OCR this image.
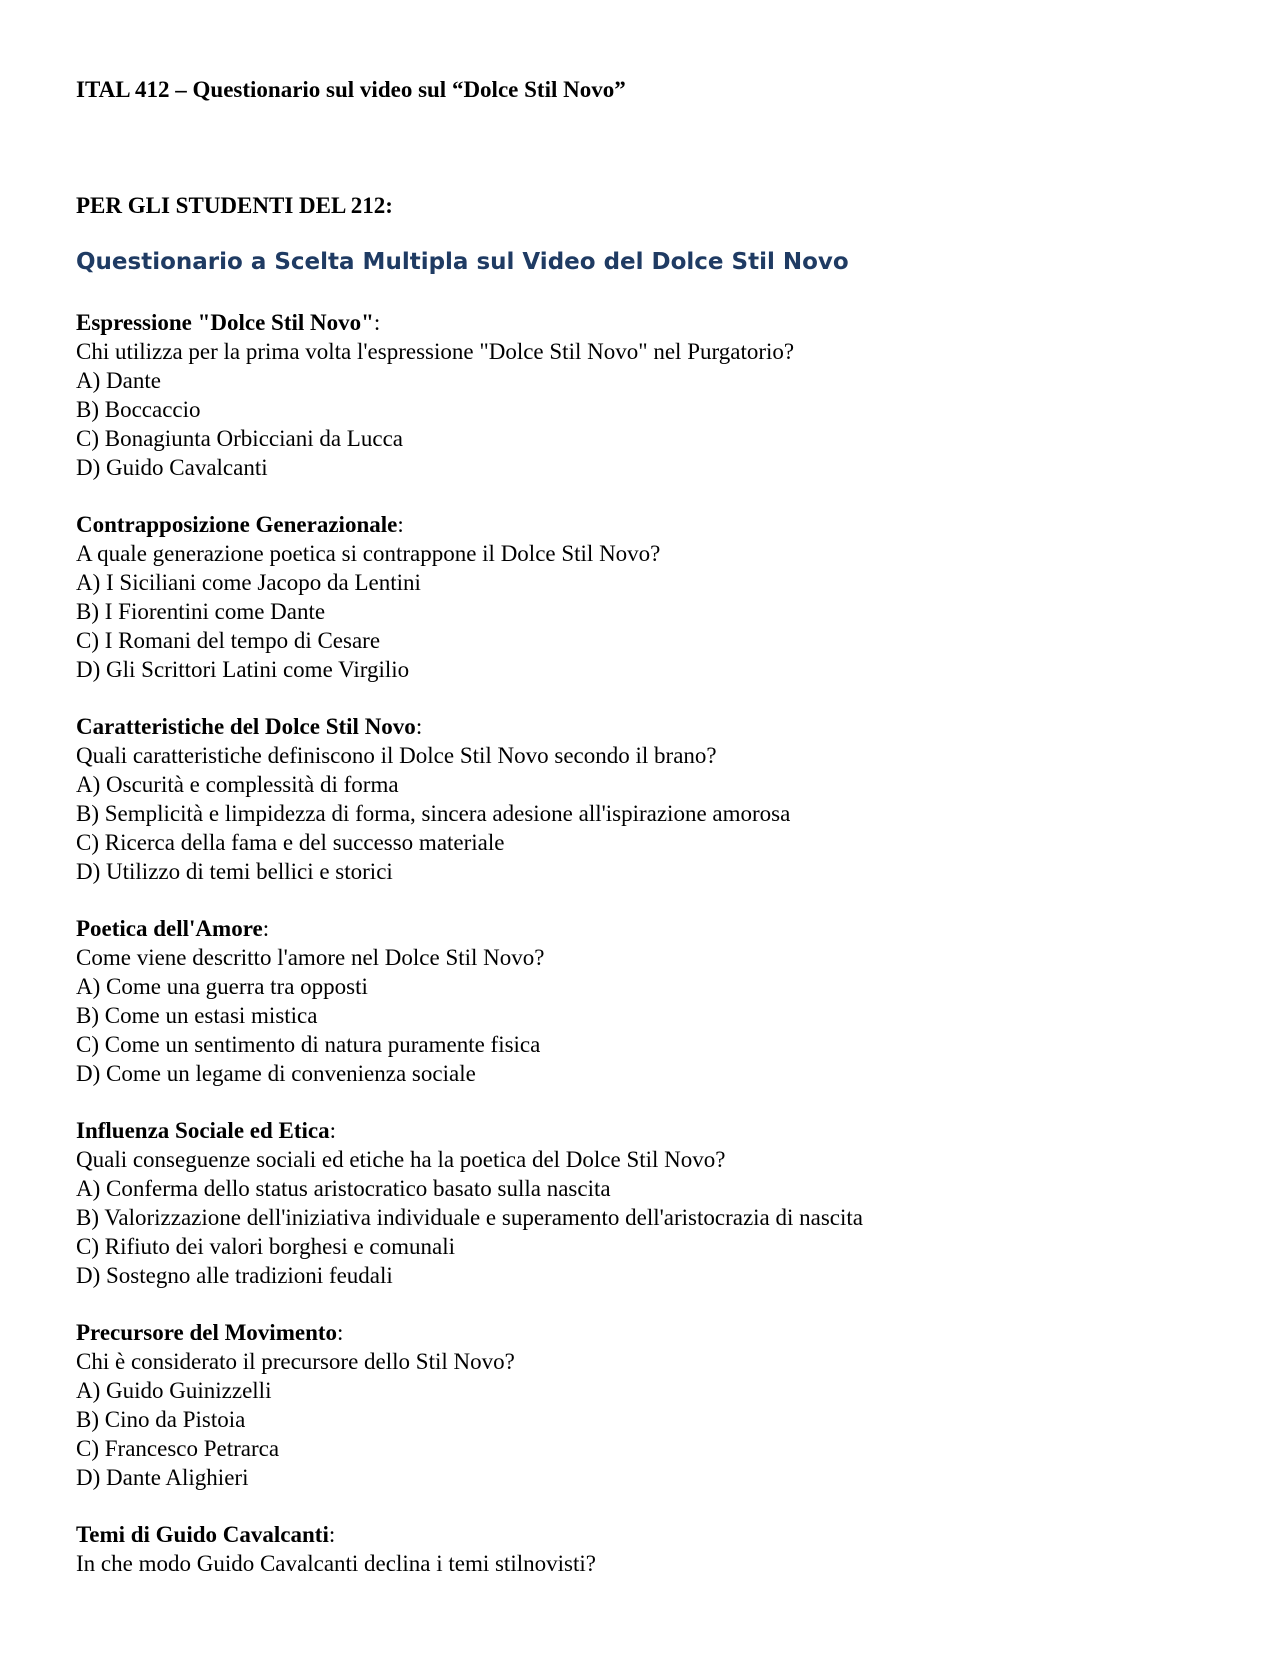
ITAL 412 – Questionario sul video sul “Dolce Stil Novo”
PER GLI STUDENTI DEL 212:
Questionario a Scelta Multipla sul Video del Dolce Stil Novo
Espressione "Dolce Stil Novo":
Chi utilizza per la prima volta l'espressione "Dolce Stil Novo" nel Purgatorio?
A) Dante
B) Boccaccio
C) Bonagiunta Orbicciani da Lucca
D) Guido Cavalcanti
Contrapposizione Generazionale:
A quale generazione poetica si contrappone il Dolce Stil Novo?
A) I Siciliani come Jacopo da Lentini
B) I Fiorentini come Dante
C) I Romani del tempo di Cesare
D) Gli Scrittori Latini come Virgilio
Caratteristiche del Dolce Stil Novo:
Quali caratteristiche definiscono il Dolce Stil Novo secondo il brano?
A) Oscurità e complessità di forma
B) Semplicità e limpidezza di forma, sincera adesione all'ispirazione amorosa
C) Ricerca della fama e del successo materiale
D) Utilizzo di temi bellici e storici
Poetica dell'Amore:
Come viene descritto l'amore nel Dolce Stil Novo?
A) Come una guerra tra opposti
B) Come un estasi mistica
C) Come un sentimento di natura puramente fisica
D) Come un legame di convenienza sociale
Influenza Sociale ed Etica:
Quali conseguenze sociali ed etiche ha la poetica del Dolce Stil Novo?
A) Conferma dello status aristocratico basato sulla nascita
B) Valorizzazione dell'iniziativa individuale e superamento dell'aristocrazia di nascita
C) Rifiuto dei valori borghesi e comunali
D) Sostegno alle tradizioni feudali
Precursore del Movimento:
Chi è considerato il precursore dello Stil Novo?
A) Guido Guinizzelli
B) Cino da Pistoia
C) Francesco Petrarca
D) Dante Alighieri
Temi di Guido Cavalcanti:
In che modo Guido Cavalcanti declina i temi stilnovisti?
